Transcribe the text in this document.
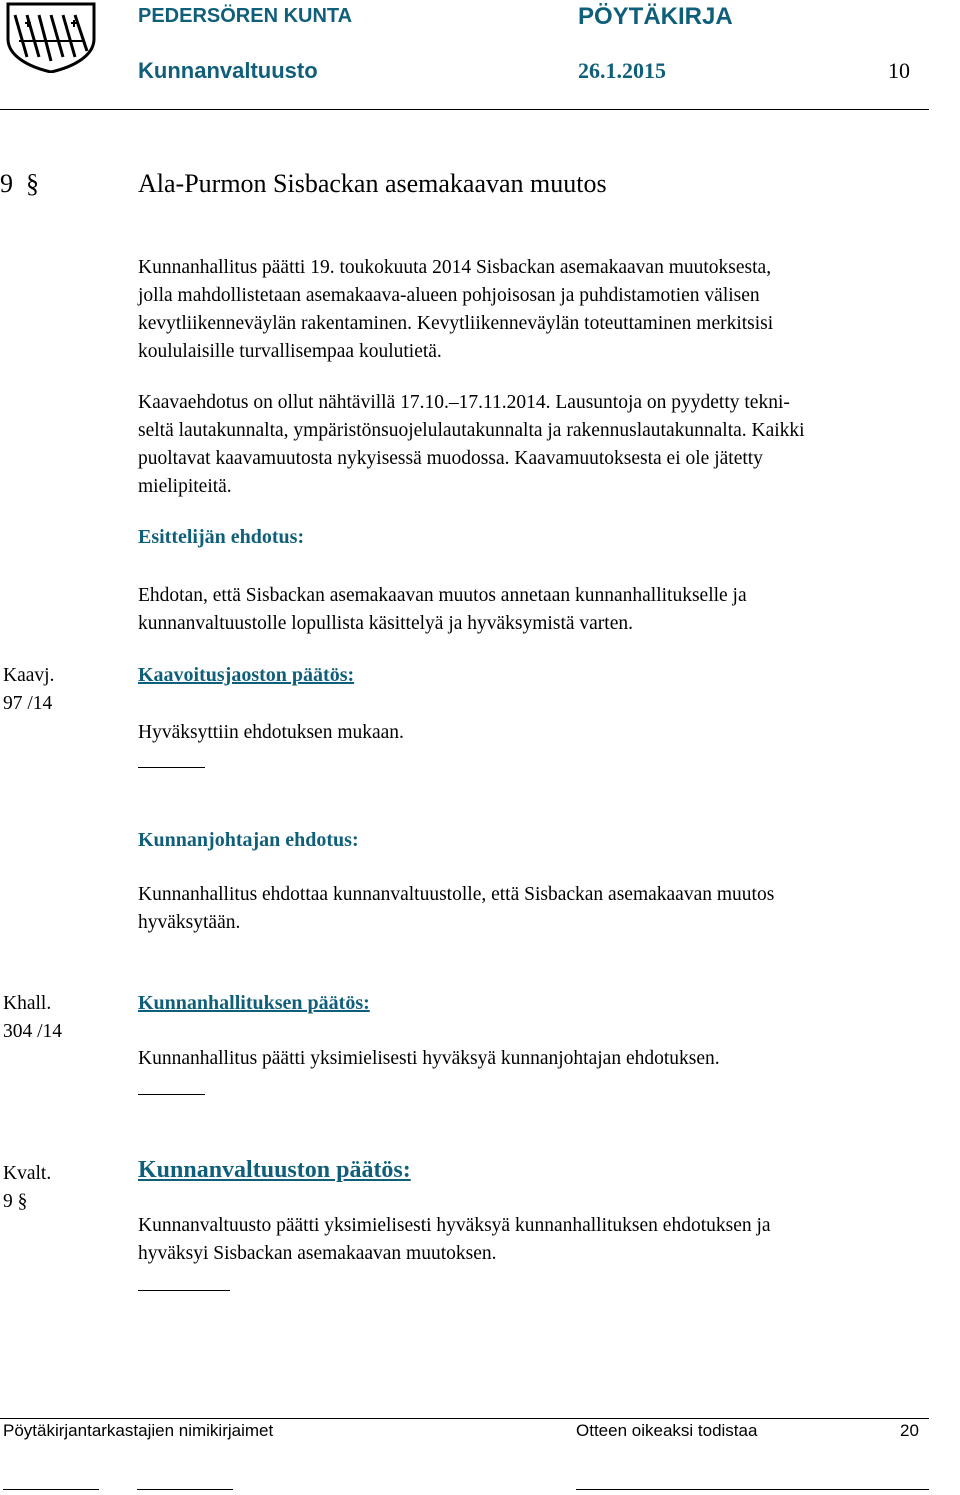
PEDERSÖREN KUNTA	PÖYTÄKIRJA
Kunnanvaltuusto	26.1.2015	10
9  §	Ala-Purmon Sisbackan asemakaavan muutos
Kunnanhallitus päätti 19. toukokuuta 2014 Sisbackan asemakaavan muutoksesta,
jolla mahdollistetaan asemakaava-alueen pohjoisosan ja puhdistamotien välisen
kevytliikenneväylän rakentaminen. Kevytliikenneväylän toteuttaminen merkitsisi
koululaisille turvallisempaa koulutietä.
Kaavaehdotus on ollut nähtävillä 17.10.–17.11.2014. Lausuntoja on pyydetty tekni-
seltä lautakunnalta, ympäristönsuojelulautakunnalta ja rakennuslautakunnalta. Kaikki
puoltavat kaavamuutosta nykyisessä muodossa. Kaavamuutoksesta ei ole jätetty
mielipiteitä.
Esittelijän ehdotus:
Ehdotan, että Sisbackan asemakaavan muutos annetaan kunnanhallitukselle ja
kunnanvaltuustolle lopullista käsittelyä ja hyväksymistä varten.
Kaavj.
97 /14
Kaavoitusjaoston päätös:
Hyväksyttiin ehdotuksen mukaan.
Kunnanjohtajan ehdotus:
Kunnanhallitus ehdottaa kunnanvaltuustolle, että Sisbackan asemakaavan muutos
hyväksytään.
Khall.
304 /14
Kunnanhallituksen päätös:
Kunnanhallitus päätti yksimielisesti hyväksyä kunnanjohtajan ehdotuksen.
Kvalt.
9 §
Kunnanvaltuuston päätös:
Kunnanvaltuusto päätti yksimielisesti hyväksyä kunnanhallituksen ehdotuksen ja
hyväksyi Sisbackan asemakaavan muutoksen.
Pöytäkirjantarkastajien nimikirjaimet	Otteen oikeaksi todistaa	20
